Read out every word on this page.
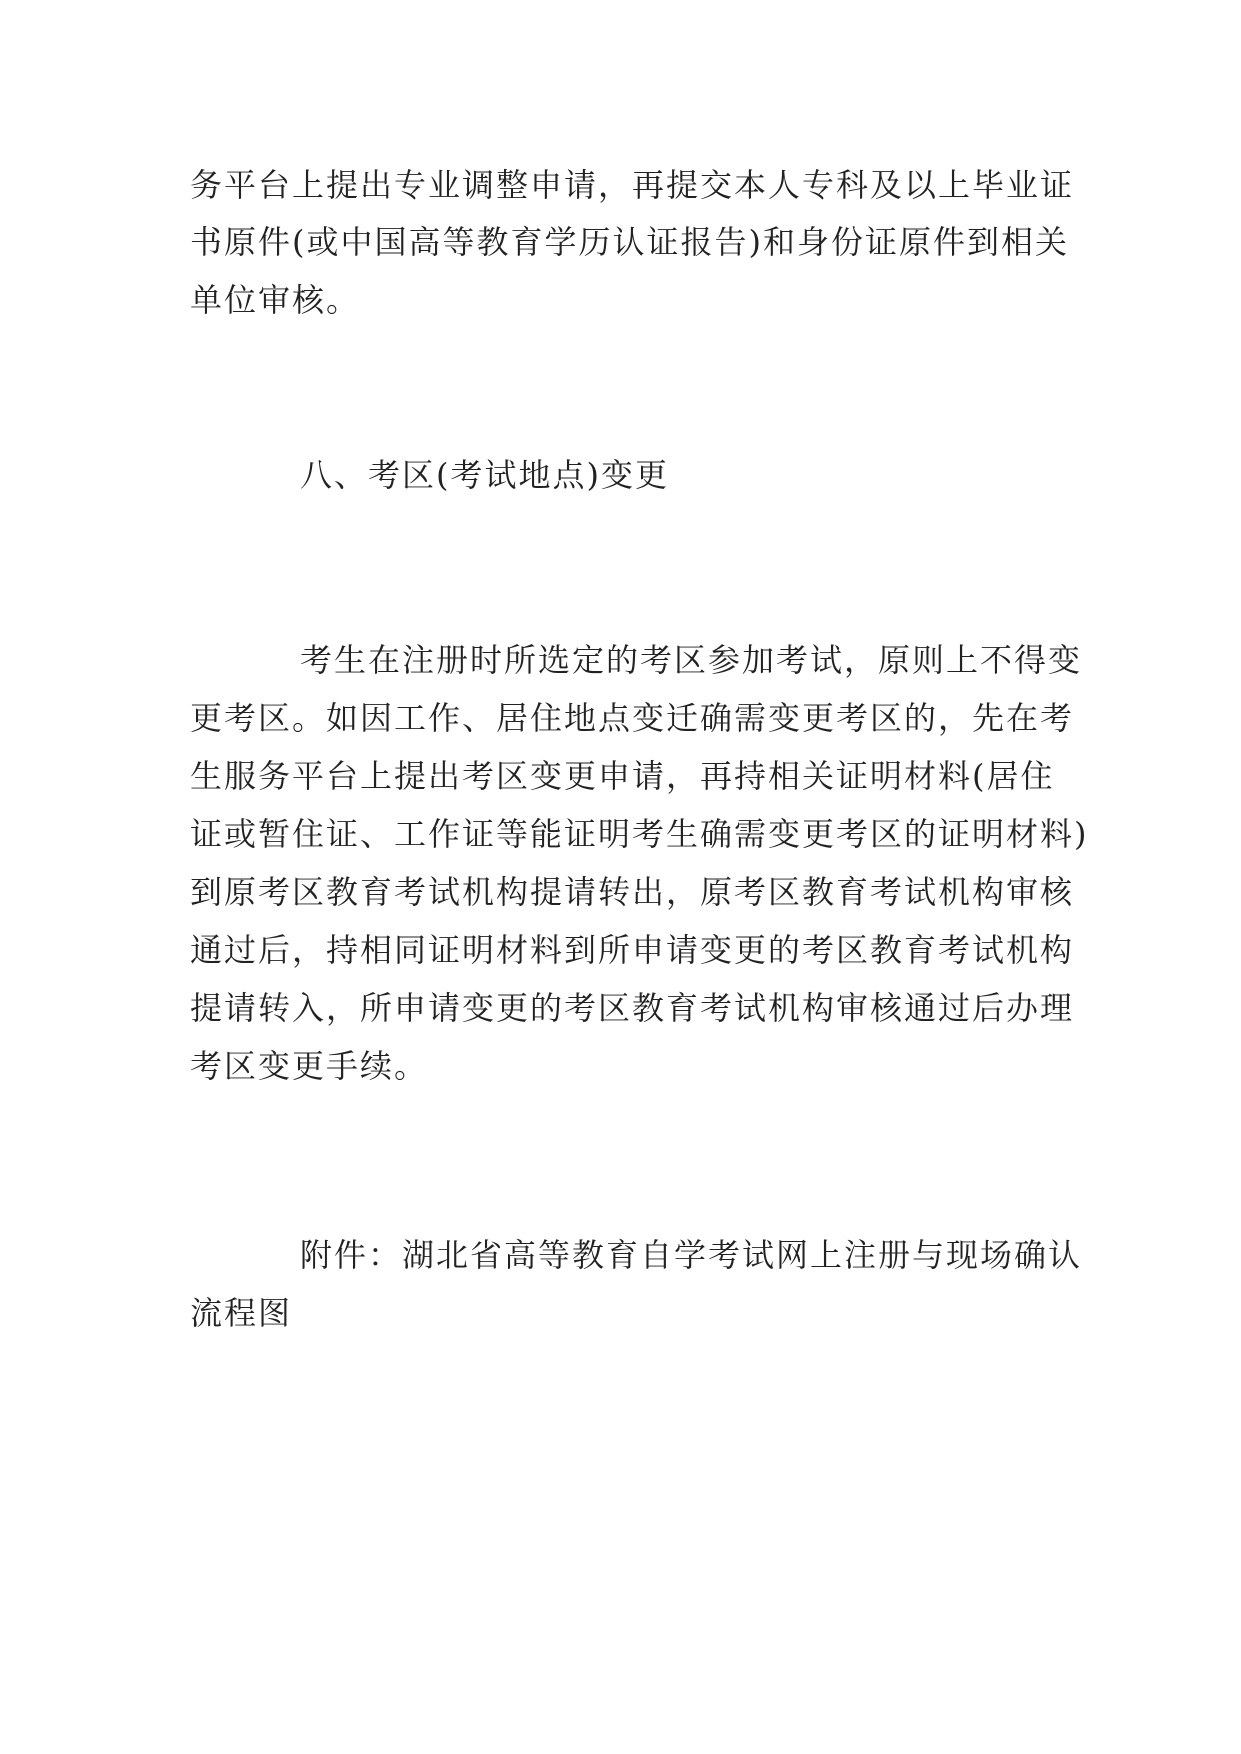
务平台上提出专业调整申请，再提交本人专科及以上毕业证
书原件(或中国高等教育学历认证报告)和身份证原件到相关
单位审核。
八、考区(考试地点)变更
考生在注册时所选定的考区参加考试，原则上不得变
更考区。如因工作、居住地点变迁确需变更考区的，先在考
生服务平台上提出考区变更申请，再持相关证明材料(居住
证或暂住证、工作证等能证明考生确需变更考区的证明材料)
到原考区教育考试机构提请转出，原考区教育考试机构审核
通过后，持相同证明材料到所申请变更的考区教育考试机构
提请转入，所申请变更的考区教育考试机构审核通过后办理
考区变更手续。
附件：湖北省高等教育自学考试网上注册与现场确认
流程图
